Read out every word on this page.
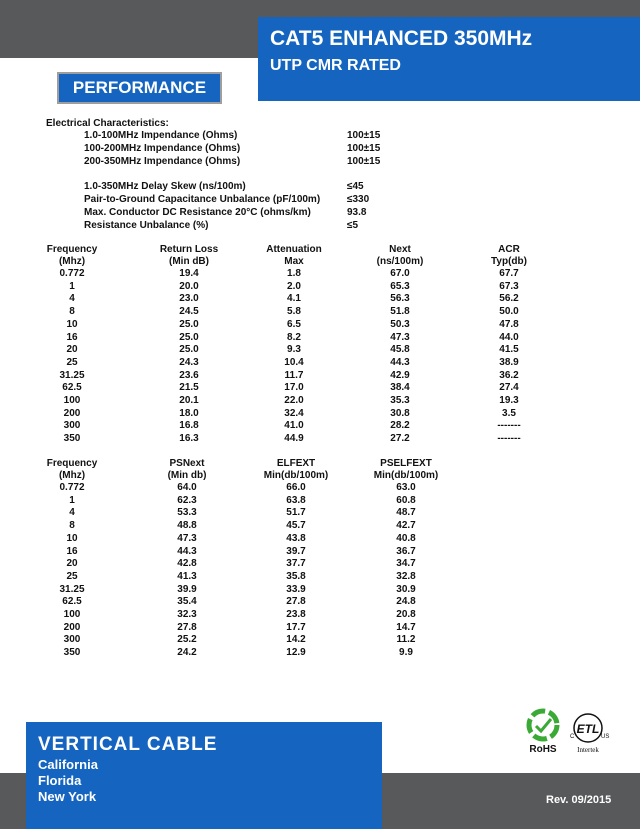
CAT5 ENHANCED 350MHz
UTP CMR RATED
PERFORMANCE
Electrical Characteristics:
1.0-100MHz Impendance (Ohms)	100±15
100-200MHz Impendance (Ohms)	100±15
200-350MHz Impendance (Ohms)	100±15
1.0-350MHz Delay Skew (ns/100m)	≤45
Pair-to-Ground Capacitance Unbalance (pF/100m)	≤330
Max. Conductor DC Resistance 20°C (ohms/km)	93.8
Resistance Unbalance (%)	≤5
Frequency	Return Loss	Attenuation	Next	ACR
(Mhz)	(Min dB)	Max	(ns/100m)	Typ(db)
0.772	19.4	1.8	67.0	67.7
1	20.0	2.0	65.3	67.3
4	23.0	4.1	56.3	56.2
8	24.5	5.8	51.8	50.0
10	25.0	6.5	50.3	47.8
16	25.0	8.2	47.3	44.0
20	25.0	9.3	45.8	41.5
25	24.3	10.4	44.3	38.9
31.25	23.6	11.7	42.9	36.2
62.5	21.5	17.0	38.4	27.4
100	20.1	22.0	35.3	19.3
200	18.0	32.4	30.8	3.5
300	16.8	41.0	28.2	-------
350	16.3	44.9	27.2	-------
Frequency	PSNext	ELFEXT	PSELFEXT
(Mhz)	(Min db)	Min(db/100m)	Min(db/100m)
0.772	64.0	66.0	63.0
1	62.3	63.8	60.8
4	53.3	51.7	48.7
8	48.8	45.7	42.7
10	47.3	43.8	40.8
16	44.3	39.7	36.7
20	42.8	37.7	34.7
25	41.3	35.8	32.8
31.25	39.9	33.9	30.9
62.5	35.4	27.8	24.8
100	32.3	23.8	20.8
200	27.8	17.7	14.7
300	25.2	14.2	11.2
350	24.2	12.9	9.9
VERTICAL CABLE
California
Florida
New York	Rev. 09/2015
RoHS
ETL
C	US
Intertek
